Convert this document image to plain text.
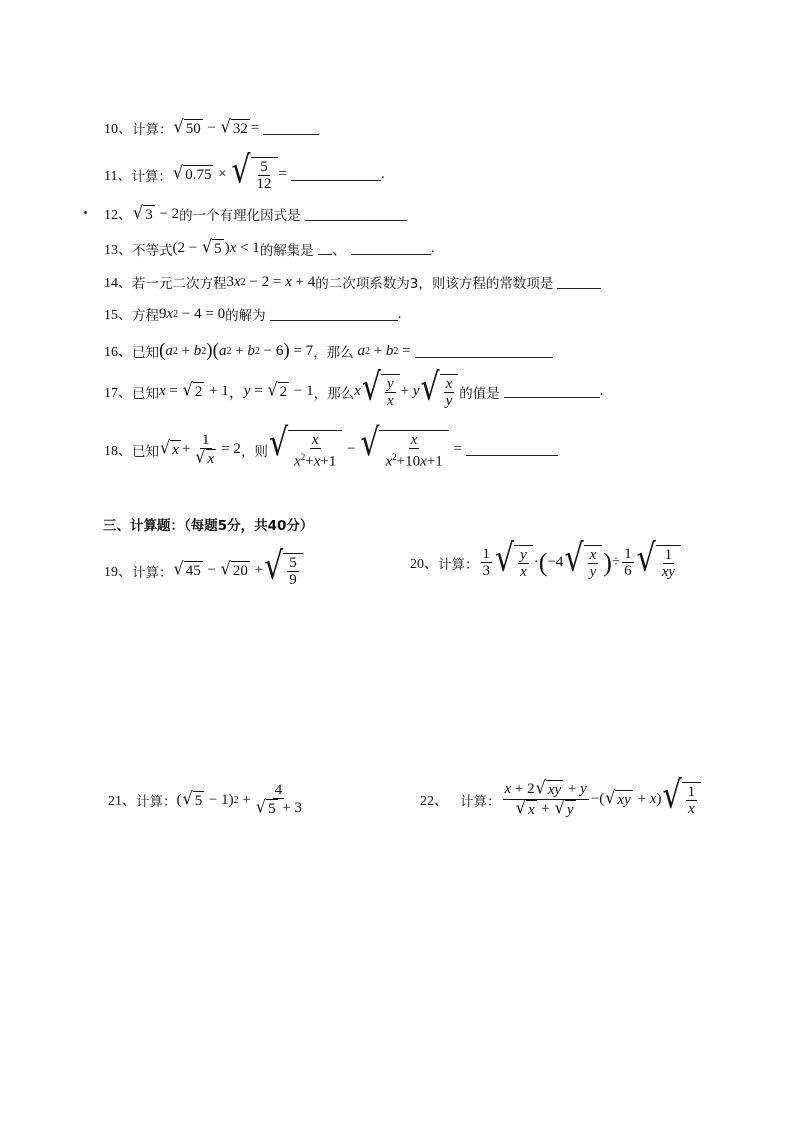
10、 计算： √ 50 − √ 32 =
11、 计算： √ 0.75 × √ $\frac{5}{12}$ =	.
12、 √ 3 − 2 的一个有理化因式是
13、 不等式 (2 − √ 5 ) x < 1 的解集是 、	.
14、 若一元二次方程 3 x 2 − 2 = x + 4 的二次项系数为3，则该方程的常数项是
15、 方程 9 x 2 − 4 = 0 的解为	.
16、 已知 ( a 2 + b 2 )( a 2 + b 2 − 6 ) = 7 ，那么 a 2 + b 2 =
17、 已知 x = √ 2 + 1 ， y = √ 2 − 1 ，那么 x √ $\frac{y}{x} + y$ √ $\frac{x}{y}$ 的值是	.
18、 已知 √ $x + \frac{1}{√ x} = 2$ ，则 √ $\frac{x}{x^2+x+1}$ − √ $\frac{x}{x^2+10x+1}$ =
三、计算题：（每题5分，共40分）
19、 计算： √ 45 − √ 20 + √ $\frac{5}{9}$	20、 计算： $\frac{1}{3}$ √ $\frac{y}{x}$ · ( −4 √ $\frac{x}{y}$ ) ÷ $\frac{1}{6}$ √ $\frac{1}{xy}$
21、 计算： ( √ 5 − 1) $2 + \frac{4}{√ 5 + 3}$	22、 计算： $\frac{x + 2 √ xy + y}{√ x + √ y}$ −( √ xy + x ) √ $\frac{1}{x}$
